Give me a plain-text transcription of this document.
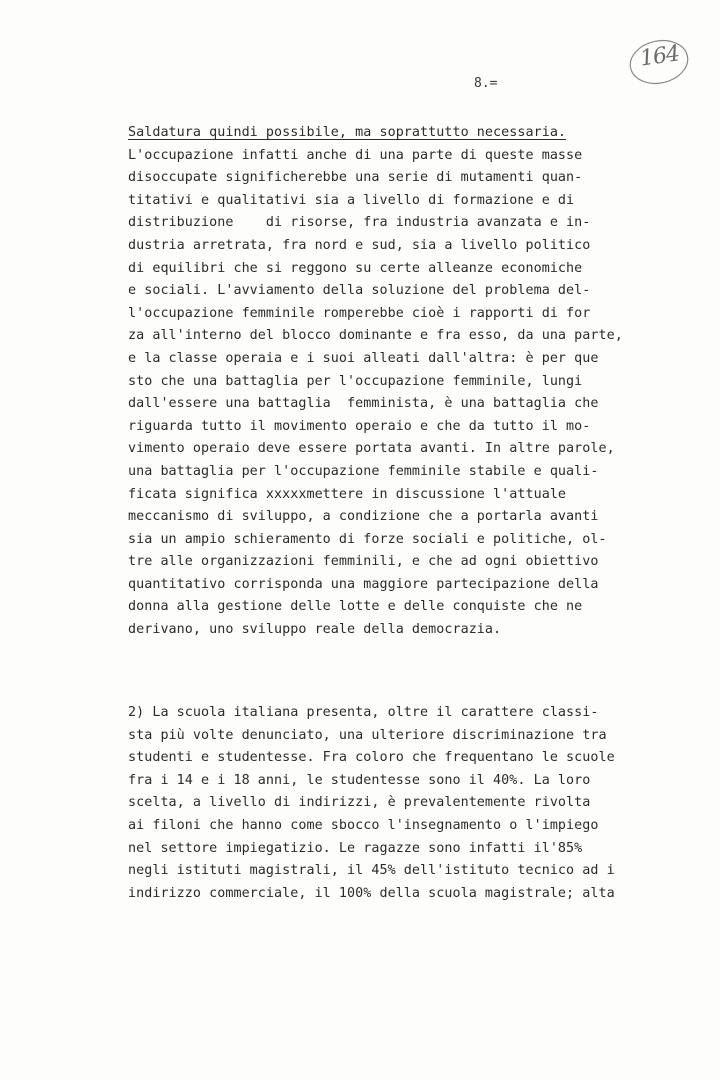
164
8.=
Saldatura quindi possibile, ma soprattutto necessaria.
L'occupazione infatti anche di una parte di queste masse
disoccupate significherebbe una serie di mutamenti quan-
titativi e qualitativi sia a livello di formazione e di
distribuzione    di risorse, fra industria avanzata e in-
dustria arretrata, fra nord e sud, sia a livello politico
di equilibri che si reggono su certe alleanze economiche
e sociali. L'avviamento della soluzione del problema del-
l'occupazione femminile romperebbe cioè i rapporti di for
za all'interno del blocco dominante e fra esso, da una parte,
e la classe operaia e i suoi alleati dall'altra: è per que
sto che una battaglia per l'occupazione femminile, lungi
dall'essere una battaglia  femminista, è una battaglia che
riguarda tutto il movimento operaio e che da tutto il mo-
vimento operaio deve essere portata avanti. In altre parole,
una battaglia per l'occupazione femminile stabile e quali-
ficata significa xxxxxmettere in discussione l'attuale
meccanismo di sviluppo, a condizione che a portarla avanti
sia un ampio schieramento di forze sociali e politiche, ol-
tre alle organizzazioni femminili, e che ad ogni obiettivo
quantitativo corrisponda una maggiore partecipazione della
donna alla gestione delle lotte e delle conquiste che ne
derivano, uno sviluppo reale della democrazia.
2) La scuola italiana presenta, oltre il carattere classi-
sta più volte denunciato, una ulteriore discriminazione tra
studenti e studentesse. Fra coloro che frequentano le scuole
fra i 14 e i 18 anni, le studentesse sono il 40%. La loro
scelta, a livello di indirizzi, è prevalentemente rivolta
ai filoni che hanno come sbocco l'insegnamento o l'impiego
nel settore impiegatizio. Le ragazze sono infatti il'85%
negli istituti magistrali, il 45% dell'istituto tecnico ad i
indirizzo commerciale, il 100% della scuola magistrale; alta
